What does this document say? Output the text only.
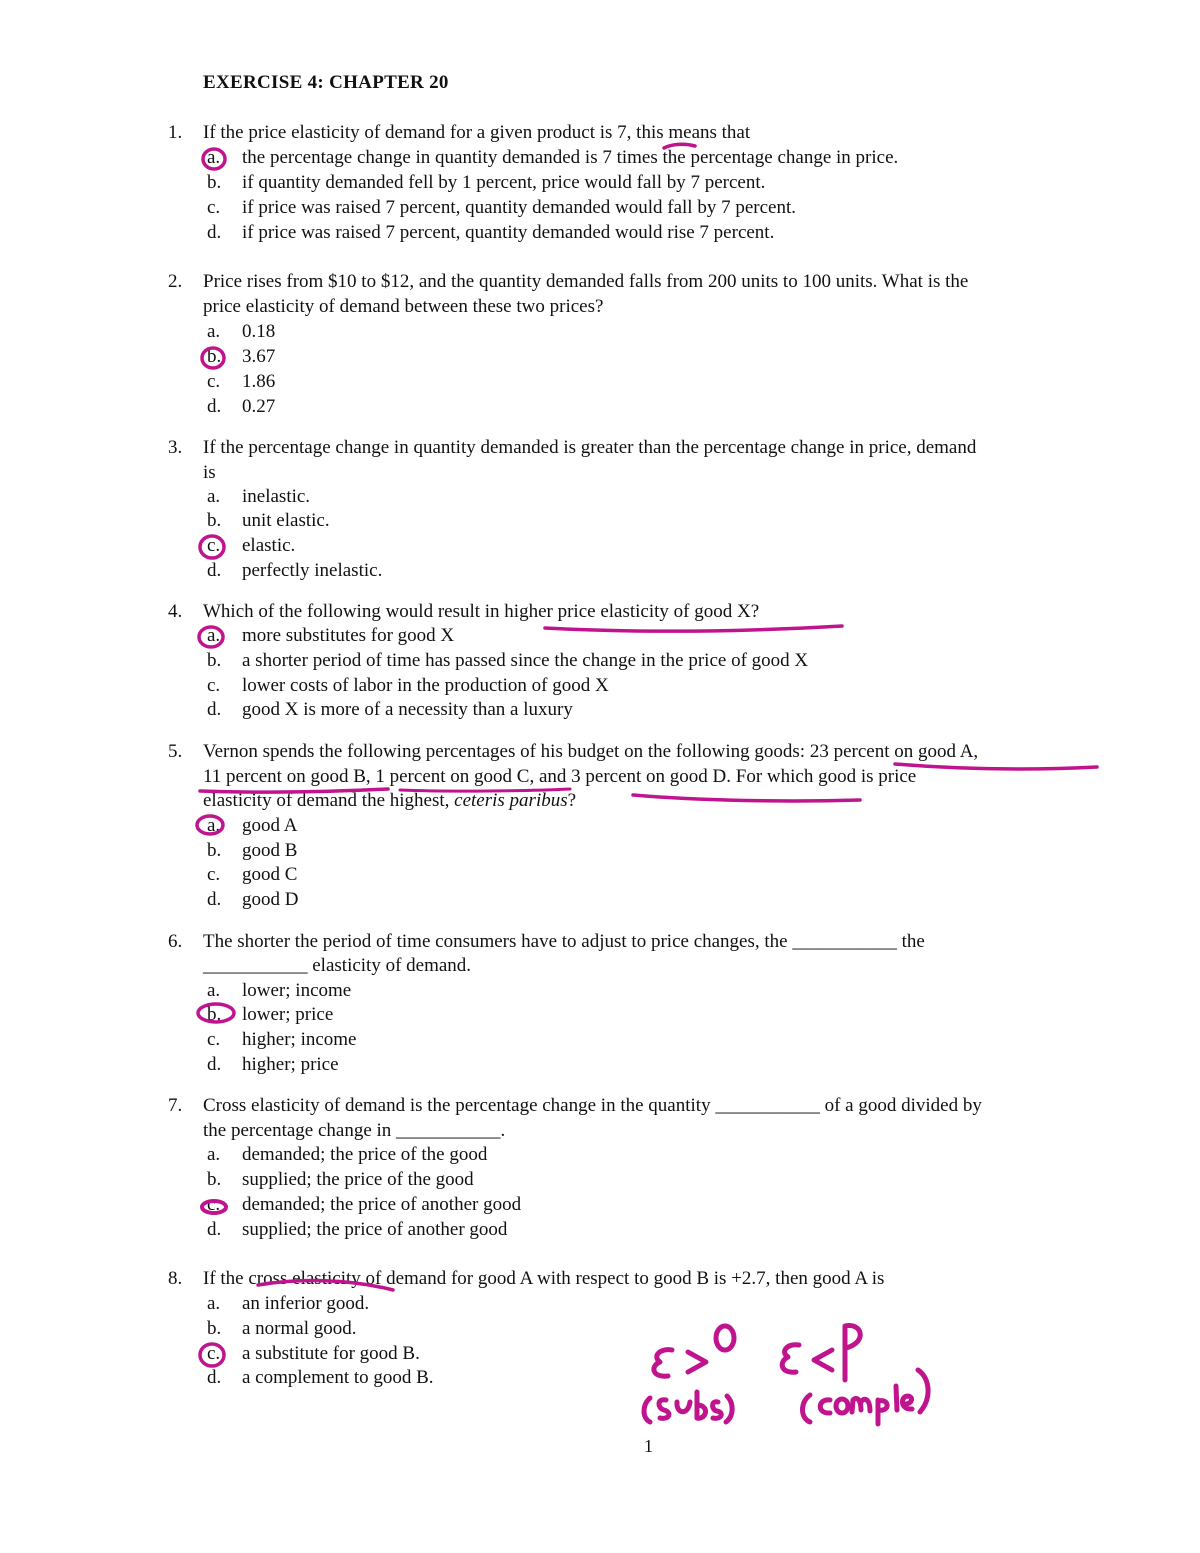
EXERCISE 4: CHAPTER 20
1.	If the price elasticity of demand for a given product is 7, this means that
a. the percentage change in quantity demanded is 7 times the percentage change in price.
b. if quantity demanded fell by 1 percent, price would fall by 7 percent.
c. if price was raised 7 percent, quantity demanded would fall by 7 percent.
d. if price was raised 7 percent, quantity demanded would rise 7 percent.
2.	Price rises from $10 to $12, and the quantity demanded falls from 200 units to 100 units. What is the
price elasticity of demand between these two prices?
a. 0.18
b. 3.67
c. 1.86
d. 0.27
3.	If the percentage change in quantity demanded is greater than the percentage change in price, demand
is
a. inelastic.
b. unit elastic.
c. elastic.
d. perfectly inelastic.
4.	Which of the following would result in higher price elasticity of good X?
a. more substitutes for good X
b. a shorter period of time has passed since the change in the price of good X
c. lower costs of labor in the production of good X
d. good X is more of a necessity than a luxury
5.	Vernon spends the following percentages of his budget on the following goods: 23 percent on good A,
11 percent on good B, 1 percent on good C, and 3 percent on good D. For which good is price
elasticity of demand the highest, ceteris paribus?
a. good A
b. good B
c. good C
d. good D
6.	The shorter the period of time consumers have to adjust to price changes, the ___________ the
___________ elasticity of demand.
a. lower; income
b. lower; price
c. higher; income
d. higher; price
7.	Cross elasticity of demand is the percentage change in the quantity ___________ of a good divided by
the percentage change in ___________.
a. demanded; the price of the good
b. supplied; the price of the good
c. demanded; the price of another good
d. supplied; the price of another good
8.	If the cross elasticity of demand for good A with respect to good B is +2.7, then good A is
a. an inferior good.
b. a normal good.
c. a substitute for good B.
d. a complement to good B.
1
